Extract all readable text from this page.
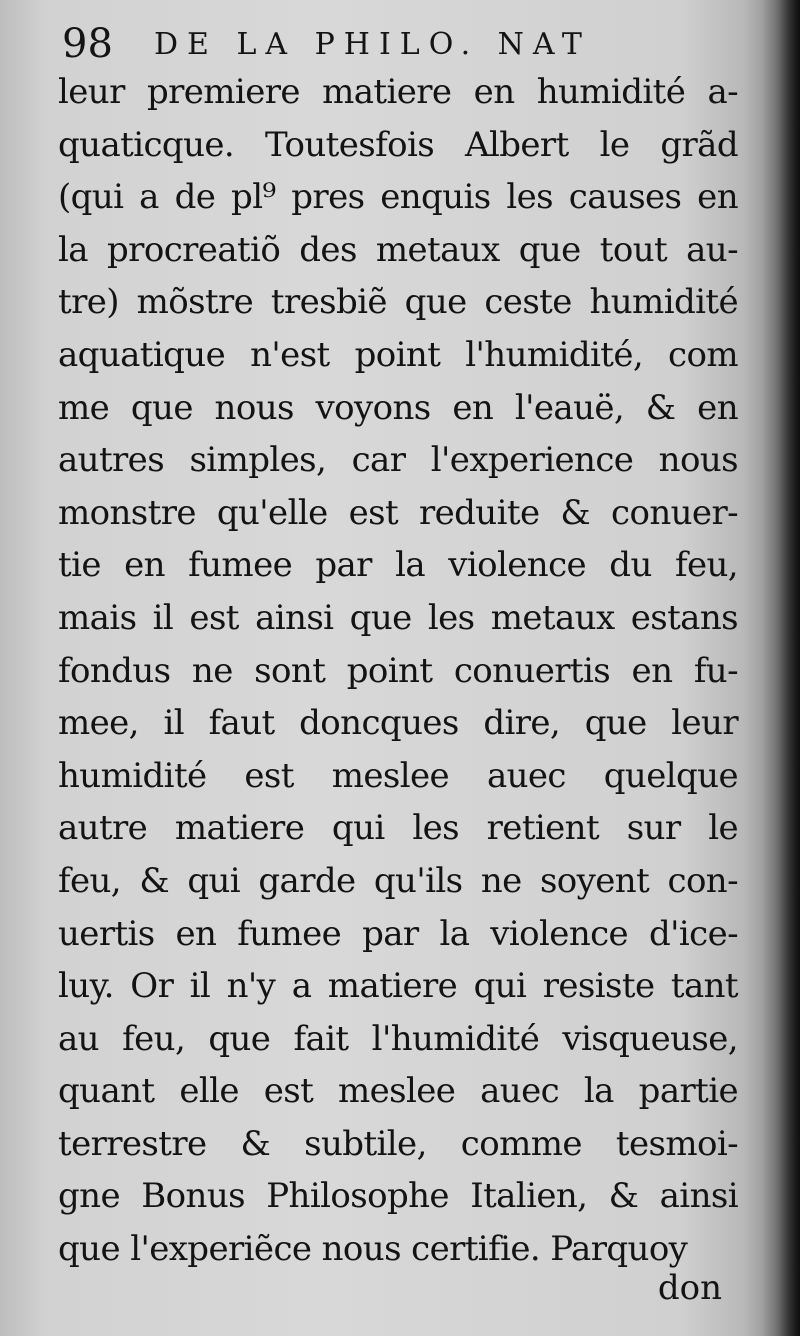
98 DE LA PHILO. NAT
leur premiere matiere en humidité a-
quaticque. Toutesfois Albert le grãd
(qui a de pl⁹ pres enquis les causes en
la procreatiõ des metaux que tout au-
tre) mõstre tresbiẽ que ceste humidité
aquatique n'est point l'humidité, com
me que nous voyons en l'eauë, & en
autres simples, car l'experience nous
monstre qu'elle est reduite & conuer-
tie en fumee par la violence du feu,
mais il est ainsi que les metaux estans
fondus ne sont point conuertis en fu-
mee, il faut doncques dire, que leur
humidité est meslee auec quelque
autre matiere qui les retient sur le
feu, & qui garde qu'ils ne soyent con-
uertis en fumee par la violence d'ice-
luy. Or il n'y a matiere qui resiste tant
au feu, que fait l'humidité visqueuse,
quant elle est meslee auec la partie
terrestre & subtile, comme tesmoi-
gne Bonus Philosophe Italien, & ainsi
que l'experiẽce nous certifie. Parquoy
don
